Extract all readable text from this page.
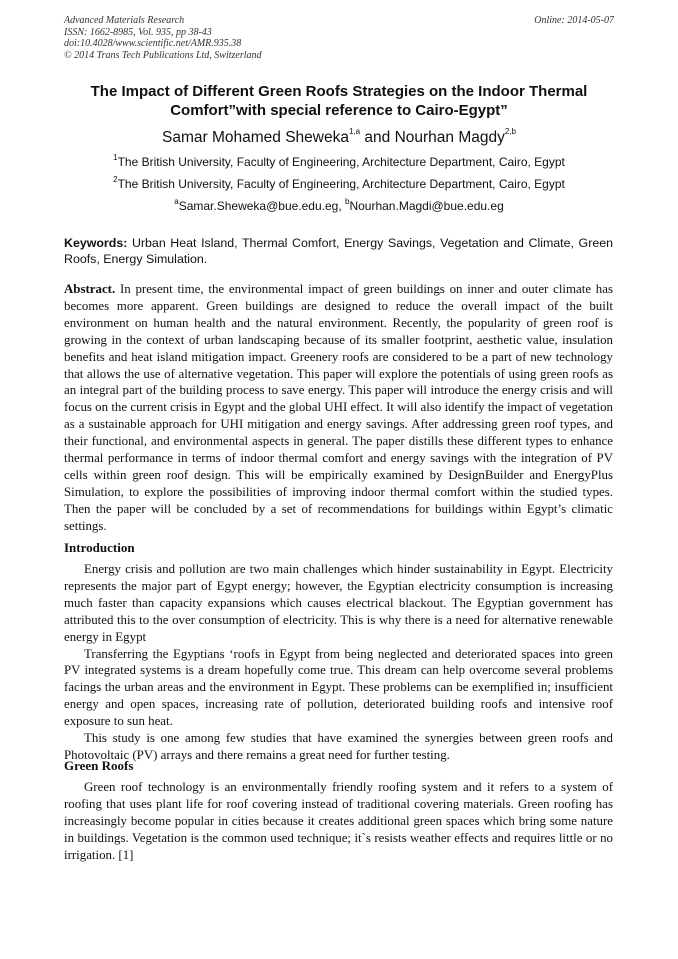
Advanced Materials Research
ISSN: 1662-8985, Vol. 935, pp 38-43
doi:10.4028/www.scientific.net/AMR.935.38
© 2014 Trans Tech Publications Ltd, Switzerland
Online: 2014-05-07
The Impact of Different Green Roofs Strategies on the Indoor Thermal Comfort”with special reference to Cairo-Egypt”
Samar Mohamed Sheweka$^{1,a}$ and Nourhan Magdy$^{2,b}$
$^1$The British University, Faculty of Engineering, Architecture Department, Cairo, Egypt
$^2$The British University, Faculty of Engineering, Architecture Department, Cairo, Egypt
$^a$Samar.Sheweka@bue.edu.eg, $^b$Nourhan.Magdi@bue.edu.eg
Keywords: Urban Heat Island, Thermal Comfort, Energy Savings, Vegetation and Climate, Green Roofs, Energy Simulation.

Abstract. In present time, the environmental impact of green buildings on inner and outer climate has becomes more apparent. Green buildings are designed to reduce the overall impact of the built environment on human health and the natural environment. Recently, the popularity of green roof is growing in the context of urban landscaping because of its smaller footprint, aesthetic value, insulation benefits and heat island mitigation impact. Greenery roofs are considered to be a part of new technology that allows the use of alternative vegetation. This paper will explore the potentials of using green roofs as an integral part of the building process to save energy. This paper will introduce the energy crisis and will focus on the current crisis in Egypt and the global UHI effect. It will also identify the impact of vegetation as a sustainable approach for UHI mitigation and energy savings. After addressing green roof types, and their functional, and environmental aspects in general. The paper distills these different types to enhance thermal performance in terms of indoor thermal comfort and energy savings with the integration of PV cells within green roof design. This will be empirically examined by DesignBuilder and EnergyPlus Simulation, to explore the possibilities of improving indoor thermal comfort within the studied types. Then the paper will be concluded by a set of recommendations for buildings within Egypt’s climatic settings.

Introduction

Energy crisis and pollution are two main challenges which hinder sustainability in Egypt. Electricity represents the major part of Egypt energy; however, the Egyptian electricity consumption is increasing much faster than capacity expansions which causes electrical blackout. The Egyptian government has attributed this to the over consumption of electricity. This is why there is a need for alternative renewable energy in Egypt

Transferring the Egyptians ‘roofs in Egypt from being neglected and deteriorated spaces into green PV integrated systems is a dream hopefully come true. This dream can help overcome several problems facings the urban areas and the environment in Egypt. These problems can be exemplified in; insufficient energy and open spaces, increasing rate of pollution, deteriorated building roofs and intensive roof exposure to sun heat.

This study is one among few studies that have examined the synergies between green roofs and Photovoltaic (PV) arrays and there remains a great need for further testing.

Green Roofs

Green roof technology is an environmentally friendly roofing system and it refers to a system of roofing that uses plant life for roof covering instead of traditional covering materials. Green roofing has increasingly become popular in cities because it creates additional green spaces which bring some nature in buildings. Vegetation is the common used technique; it`s resists weather effects and requires little or no irrigation. [1]
